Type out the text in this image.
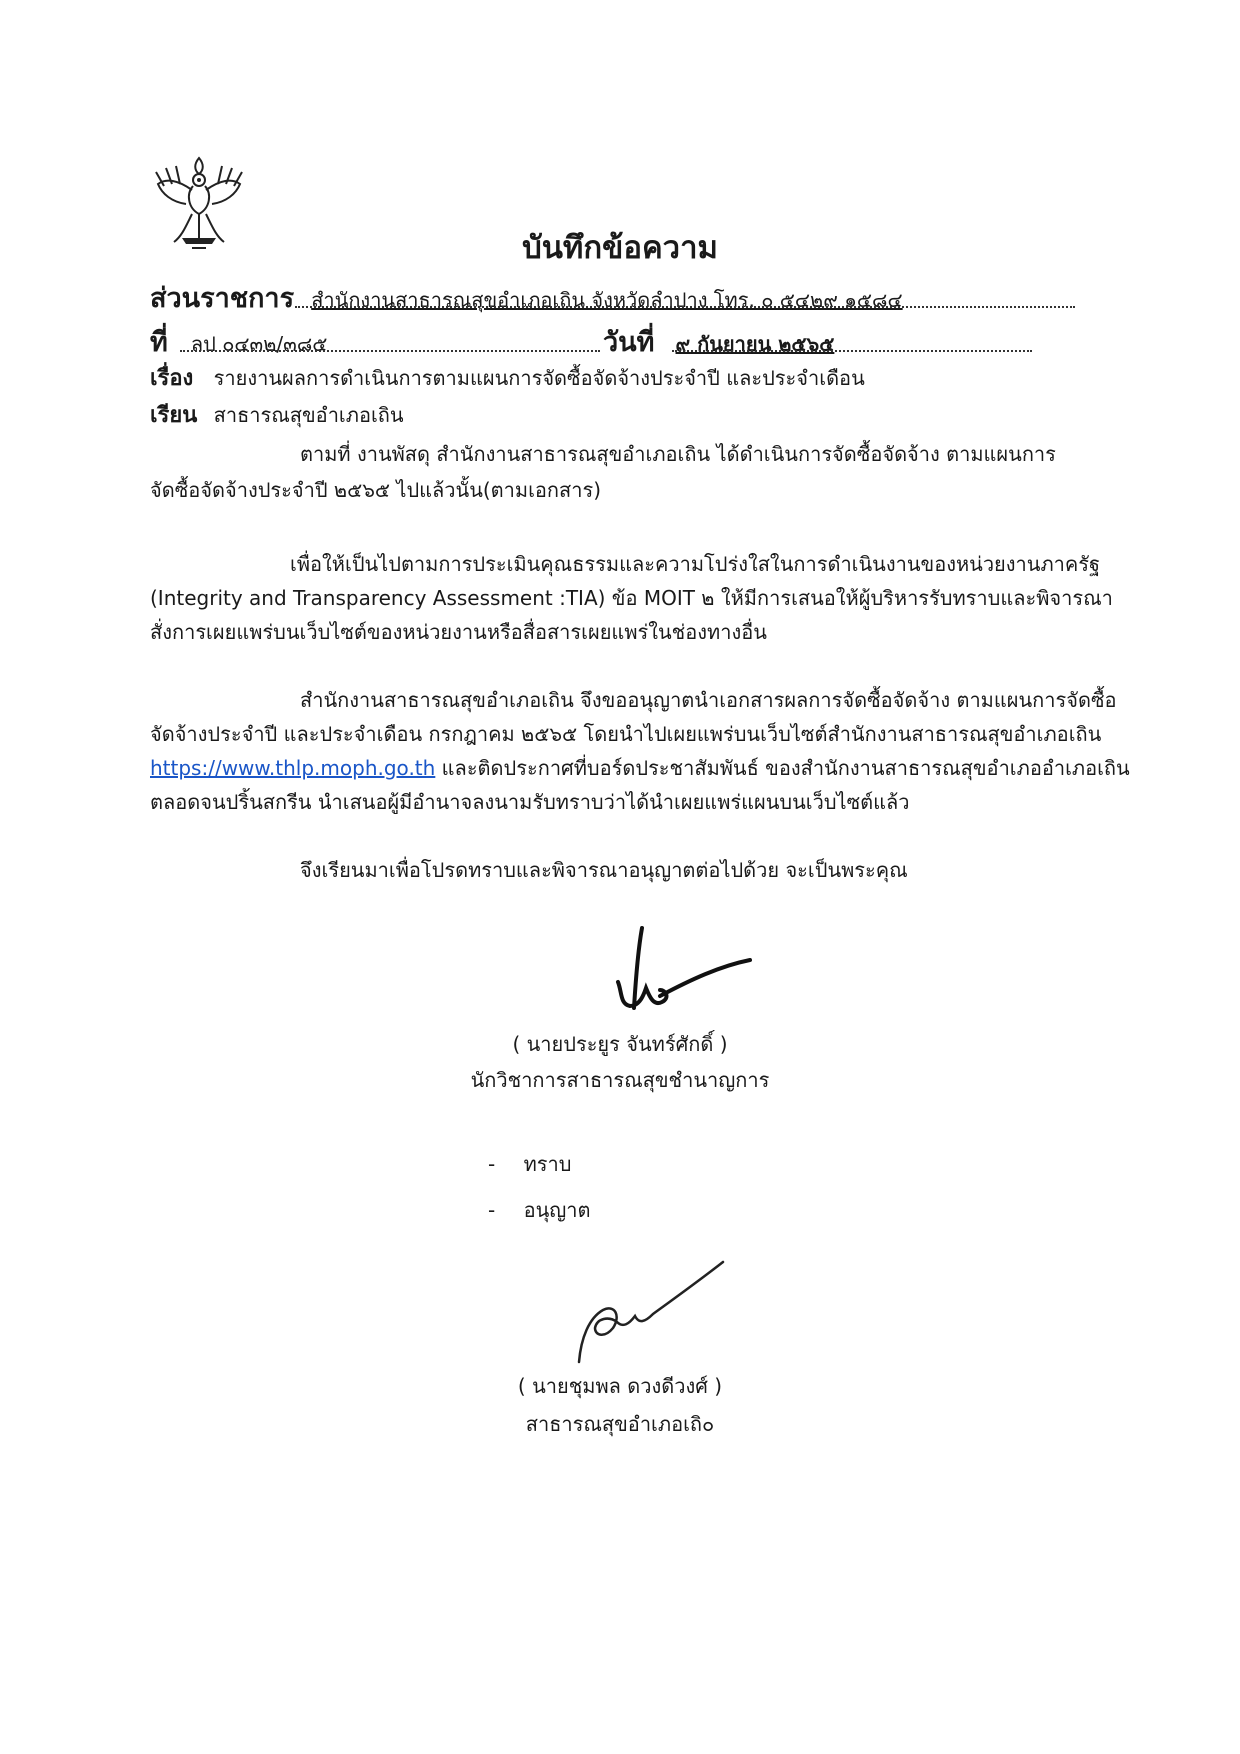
บันทึกข้อความ
ส่วนราชการ สำนักงานสาธารณสุขอำเภอเถิน จังหวัดลำปาง โทร. ๐ ๕๔๒๙ ๑๕๘๔
ที่ ลป ๐๔๓๒/๓๘๕	วันที่ ๙ กันยายน ๒๕๖๕
เรื่อง รายงานผลการดำเนินการตามแผนการจัดซื้อจัดจ้างประจำปี และประจำเดือน
เรียน สาธารณสุขอำเภอเถิน
ตามที่ งานพัสดุ สำนักงานสาธารณสุขอำเภอเถิน ได้ดำเนินการจัดซื้อจัดจ้าง ตามแผนการ
จัดซื้อจัดจ้างประจำปี ๒๕๖๕ ไปแล้วนั้น(ตามเอกสาร)
เพื่อให้เป็นไปตามการประเมินคุณธรรมและความโปร่งใสในการดำเนินงานของหน่วยงานภาครัฐ
(Integrity and Transparency Assessment :TIA) ข้อ MOIT ๒ ให้มีการเสนอให้ผู้บริหารรับทราบและพิจารณา
สั่งการเผยแพร่บนเว็บไซต์ของหน่วยงานหรือสื่อสารเผยแพร่ในช่องทางอื่น
สำนักงานสาธารณสุขอำเภอเถิน จึงขออนุญาตนำเอกสารผลการจัดซื้อจัดจ้าง ตามแผนการจัดซื้อ
จัดจ้างประจำปี และประจำเดือน กรกฎาคม ๒๕๖๕ โดยนำไปเผยแพร่บนเว็บไซต์สำนักงานสาธารณสุขอำเภอเถิน
https://www.thlp.moph.go.th และติดประกาศที่บอร์ดประชาสัมพันธ์ ของสำนักงานสาธารณสุขอำเภออำเภอเถิน
ตลอดจนปริ้นสกรีน นำเสนอผู้มีอำนาจลงนามรับทราบว่าได้นำเผยแพร่แผนบนเว็บไซต์แล้ว
จึงเรียนมาเพื่อโปรดทราบและพิจารณาอนุญาตต่อไปด้วย จะเป็นพระคุณ
( นายประยูร จันทร์ศักดิ์ )
นักวิชาการสาธารณสุขชำนาญการ
- ทราบ
- อนุญาต
( นายชุมพล ดวงดีวงศ์ )
สาธารณสุขอำเภอเถิ๐
